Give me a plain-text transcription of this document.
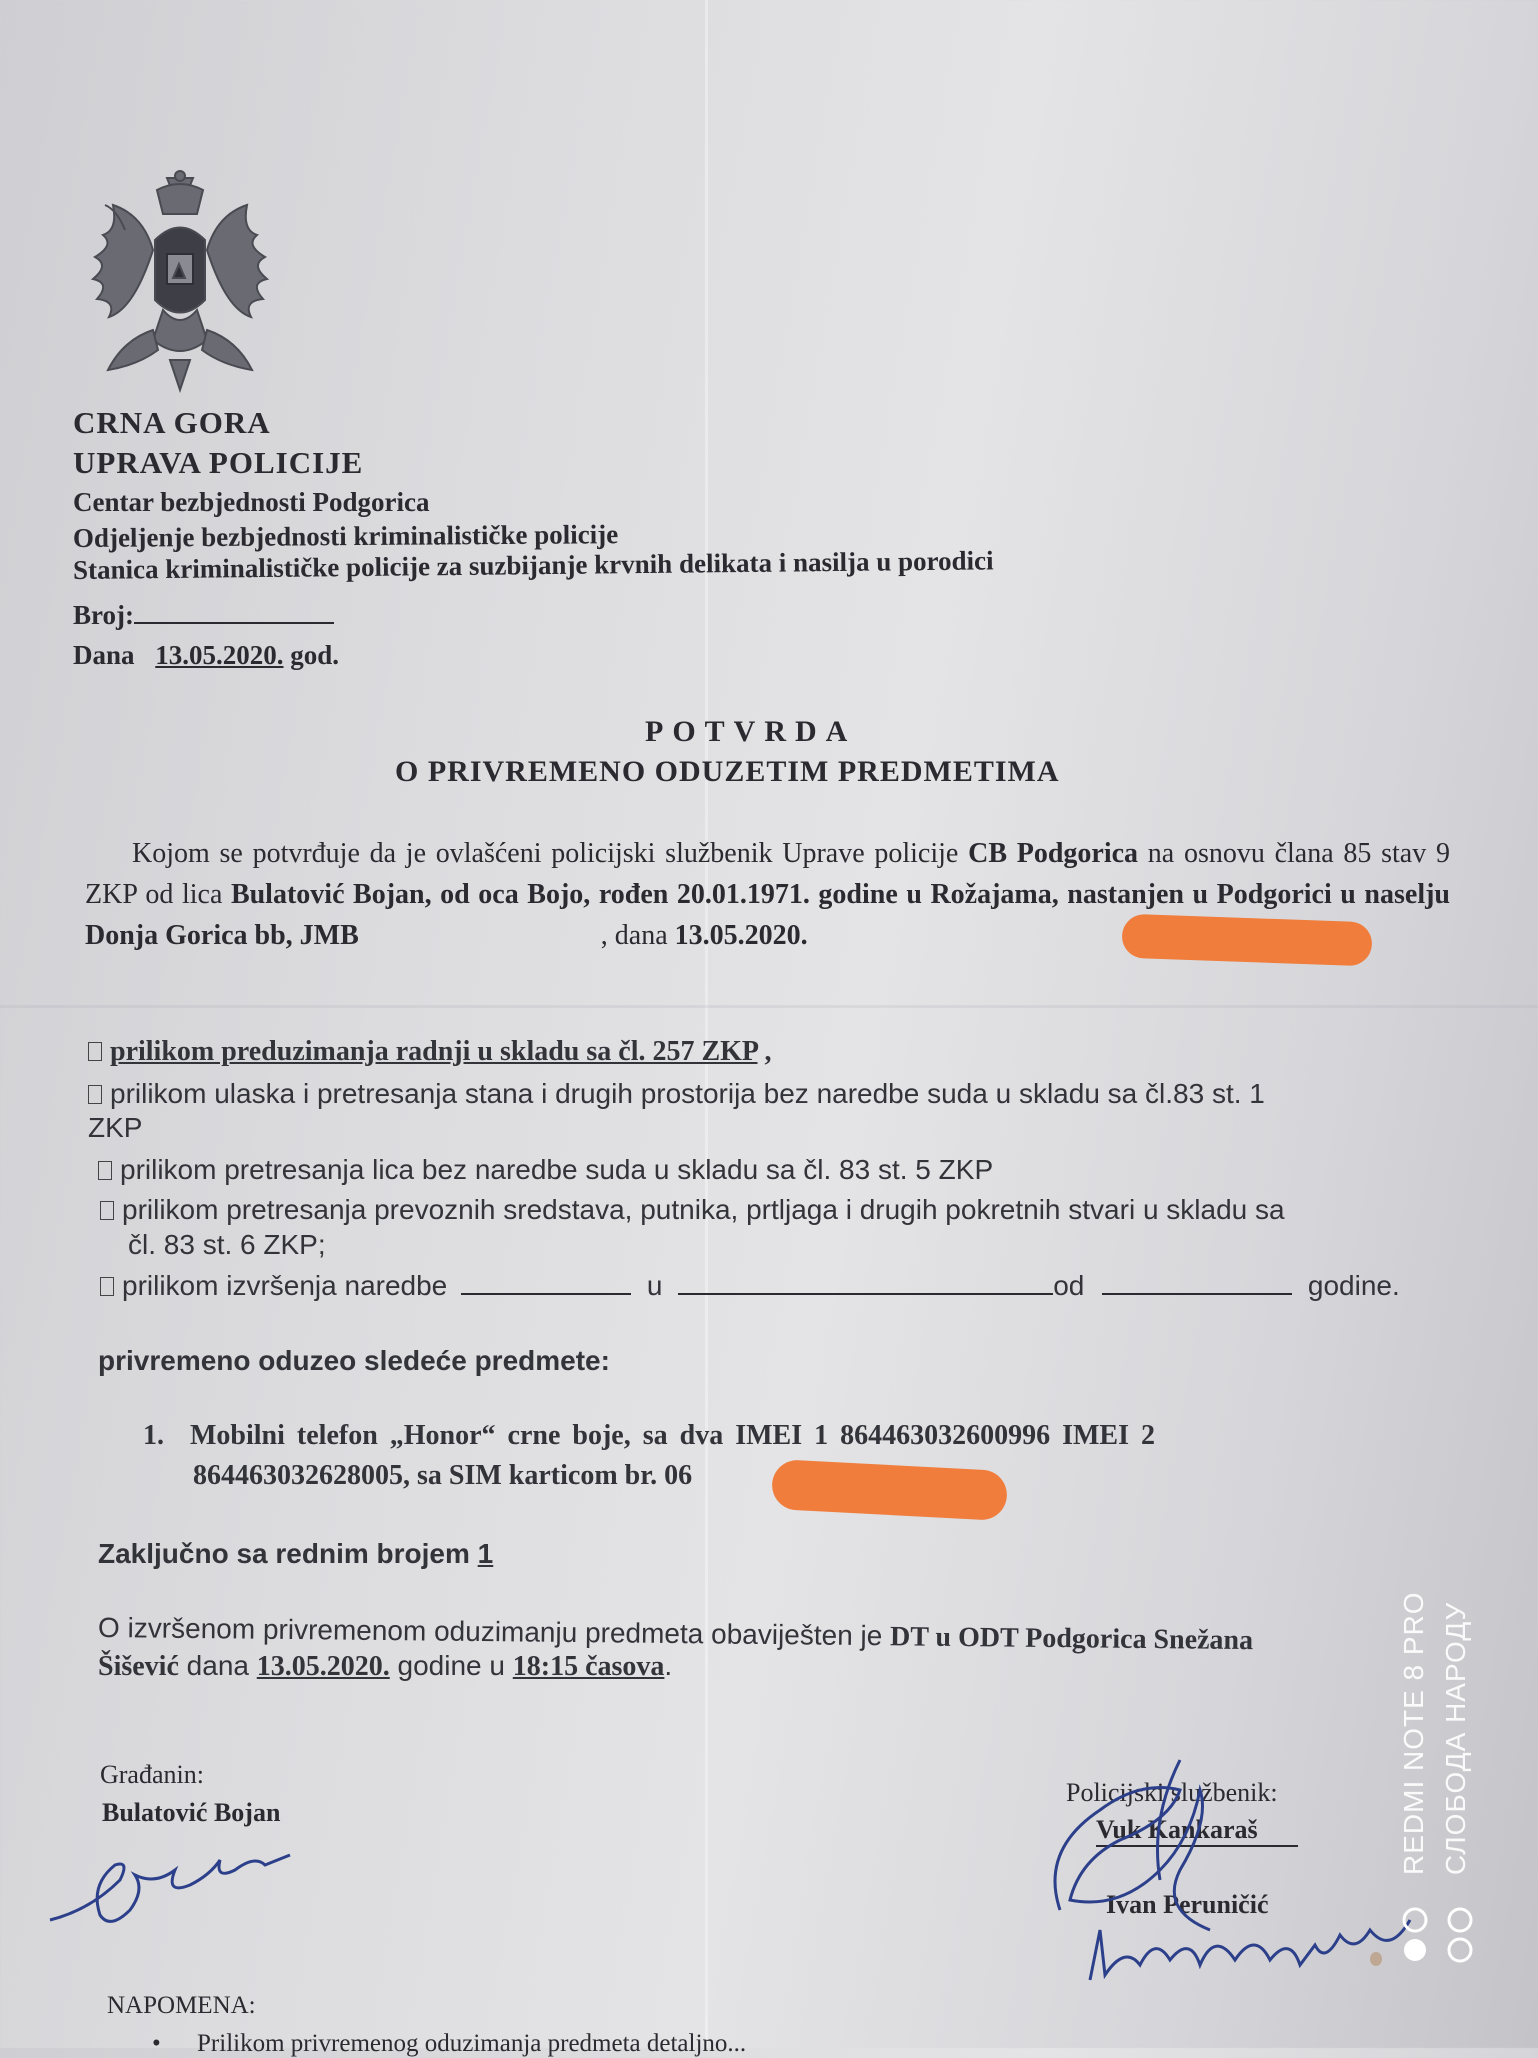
CRNA GORA
UPRAVA POLICIJE
Centar bezbjednosti Podgorica
Odjeljenje bezbjednosti kriminalističke policije
Stanica kriminalističke policije za suzbijanje krvnih delikata i nasilja u porodici
Broj:
Dana 13.05.2020. god.
POTVRDA
O PRIVREMENO ODUZETIM PREDMETIMA
Kojom se potvrđuje da je ovlašćeni policijski službenik Uprave policije CB Podgorica na osnovu člana 85 stav 9 ZKP od lica Bulatović Bojan, od oca Bojo, rođen 20.01.1971. godine u Rožajama, nastanjen u Podgorici u naselju Donja Gorica bb, JMB	, dana 13.05.2020.
prilikom preduzimanja radnji u skladu sa čl. 257 ZKP ,
prilikom ulaska i pretresanja stana i drugih prostorija bez naredbe suda u skladu sa čl.83 st. 1
ZKP
prilikom pretresanja lica bez naredbe suda u skladu sa čl. 83 st. 5 ZKP
prilikom pretresanja prevoznih sredstava, putnika, prtljaga i drugih pokretnih stvari u skladu sa
čl. 83 st. 6 ZKP;
prilikom izvršenja naredbe	u	od	godine.
privremeno oduzeo sledeće predmete:
1. Mobilni telefon „Honor“ crne boje, sa dva IMEI 1 864463032600996 IMEI 2
864463032628005, sa SIM karticom br. 06
Zaključno sa rednim brojem 1
O izvršenom privremenom oduzimanju predmeta obaviješten je DT u ODT Podgorica Snežana
Šišević dana 13.05.2020. godine u 18:15 časova.
Građanin:
Bulatović Bojan
Policijski službenik:
Vuk Kankaraš
Ivan Peruničić
NAPOMENA:
• Prilikom privremenog oduzimanja predmeta detaljno...
REDMI NOTE 8 PRO СЛОБОДА НАРОДУ
